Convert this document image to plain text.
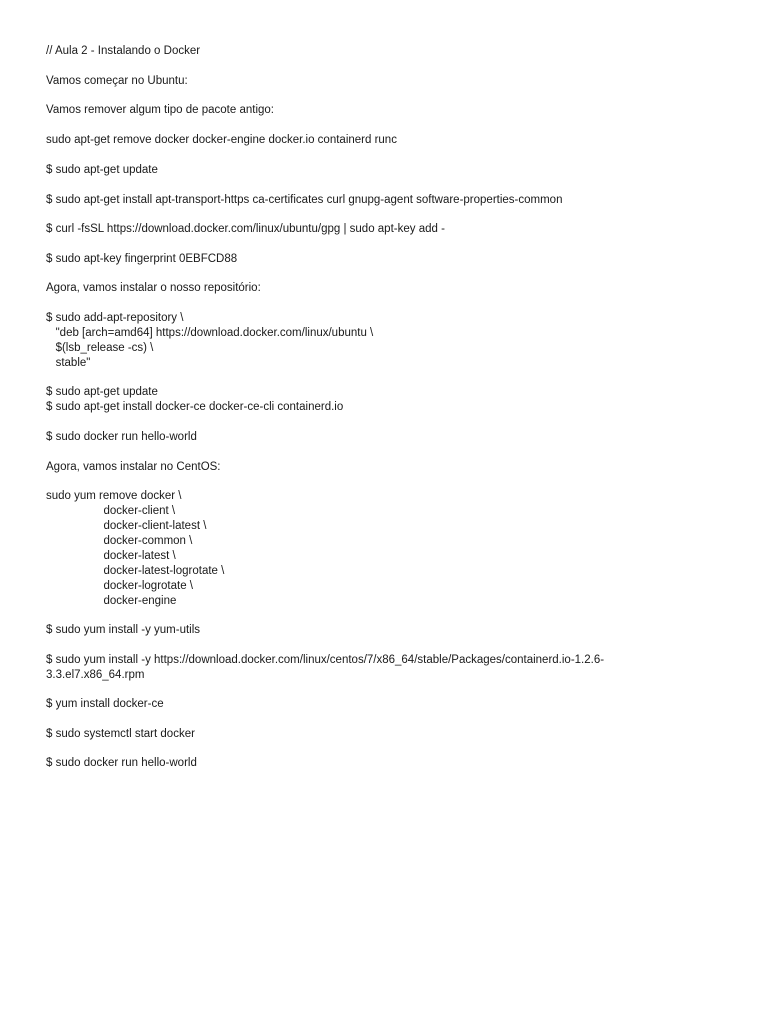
// Aula 2 - Instalando o Docker

Vamos começar no Ubuntu:

Vamos remover algum tipo de pacote antigo:

sudo apt-get remove docker docker-engine docker.io containerd runc

$ sudo apt-get update

$ sudo apt-get install apt-transport-https ca-certificates curl gnupg-agent software-properties-common

$ curl -fsSL https://download.docker.com/linux/ubuntu/gpg | sudo apt-key add -

$ sudo apt-key fingerprint 0EBFCD88

Agora, vamos instalar o nosso repositório:

$ sudo add-apt-repository \

"deb [arch=amd64] https://download.docker.com/linux/ubuntu \

$(lsb_release -cs) \

stable"

$ sudo apt-get update

$ sudo apt-get install docker-ce docker-ce-cli containerd.io

$ sudo docker run hello-world

Agora, vamos instalar no CentOS:

sudo yum remove docker \

docker-client \

docker-client-latest \

docker-common \

docker-latest \

docker-latest-logrotate \

docker-logrotate \

docker-engine

$ sudo yum install -y yum-utils

$ sudo yum install -y https://download.docker.com/linux/centos/7/x86_64/stable/Packages/containerd.io-1.2.6-

3.3.el7.x86_64.rpm

$ yum install docker-ce

$ sudo systemctl start docker

$ sudo docker run hello-world
